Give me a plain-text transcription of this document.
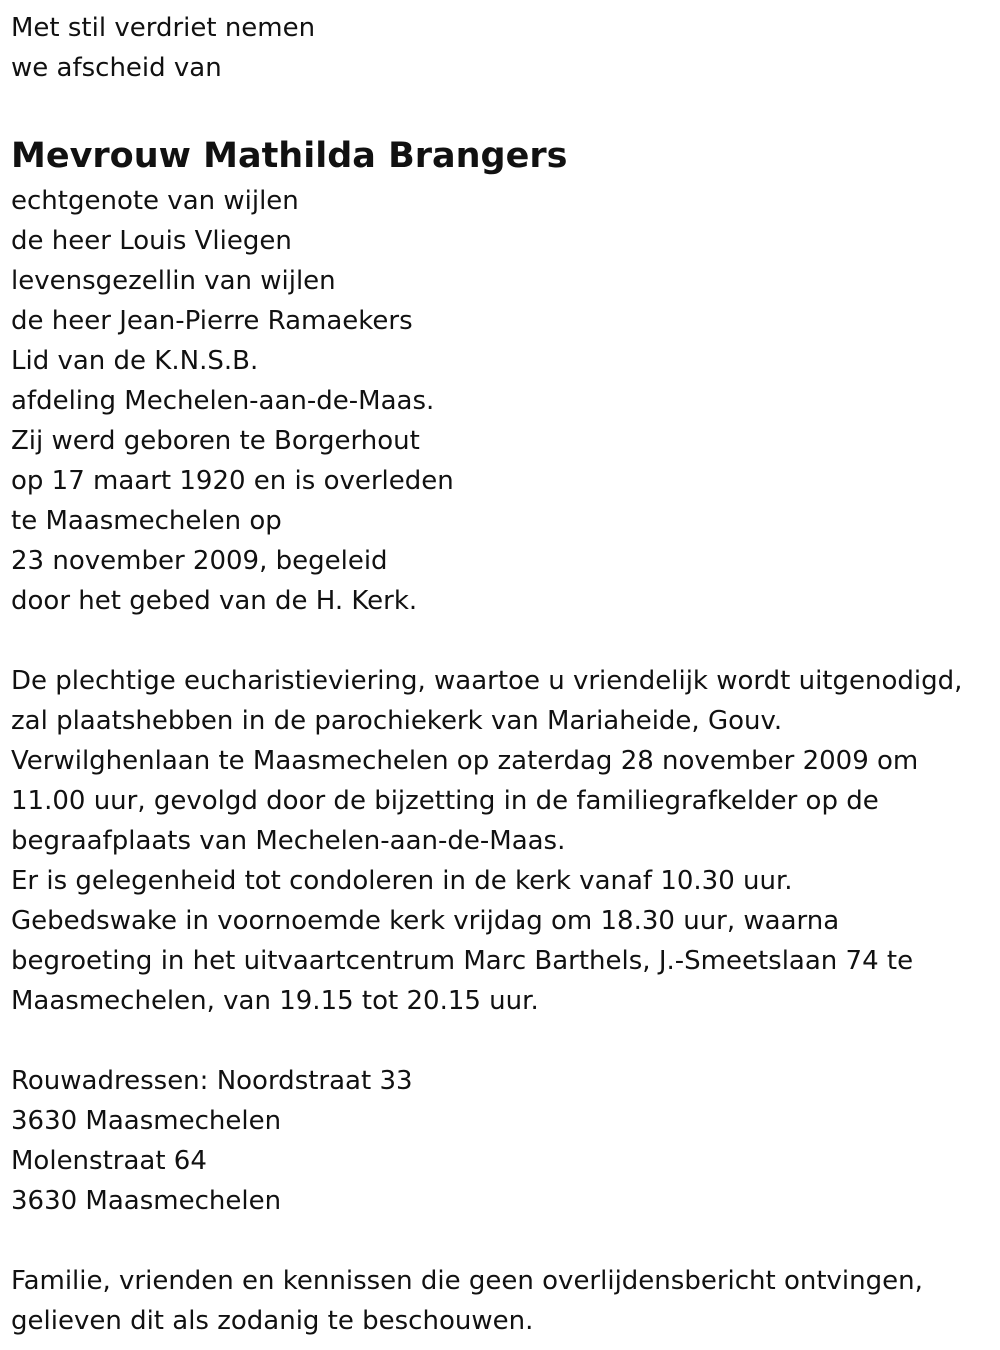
Met stil verdriet nemen
we afscheid van
Mevrouw Mathilda Brangers
echtgenote van wijlen
de heer Louis Vliegen
levensgezellin van wijlen
de heer Jean-Pierre Ramaekers
Lid van de K.N.S.B.
afdeling Mechelen-aan-de-Maas.
Zij werd geboren te Borgerhout
op 17 maart 1920 en is overleden
te Maasmechelen op
23 november 2009, begeleid
door het gebed van de H. Kerk.
De plechtige eucharistieviering, waartoe u vriendelijk wordt uitgenodigd,
zal plaatshebben in de parochiekerk van Mariaheide, Gouv.
Verwilghenlaan te Maasmechelen op zaterdag 28 november 2009 om
11.00 uur, gevolgd door de bijzetting in de familiegrafkelder op de
begraafplaats van Mechelen-aan-de-Maas.
Er is gelegenheid tot condoleren in de kerk vanaf 10.30 uur.
Gebedswake in voornoemde kerk vrijdag om 18.30 uur, waarna
begroeting in het uitvaartcentrum Marc Barthels, J.-Smeetslaan 74 te
Maasmechelen, van 19.15 tot 20.15 uur.
Rouwadressen: Noordstraat 33
3630 Maasmechelen
Molenstraat 64
3630 Maasmechelen
Familie, vrienden en kennissen die geen overlijdensbericht ontvingen,
gelieven dit als zodanig te beschouwen.
